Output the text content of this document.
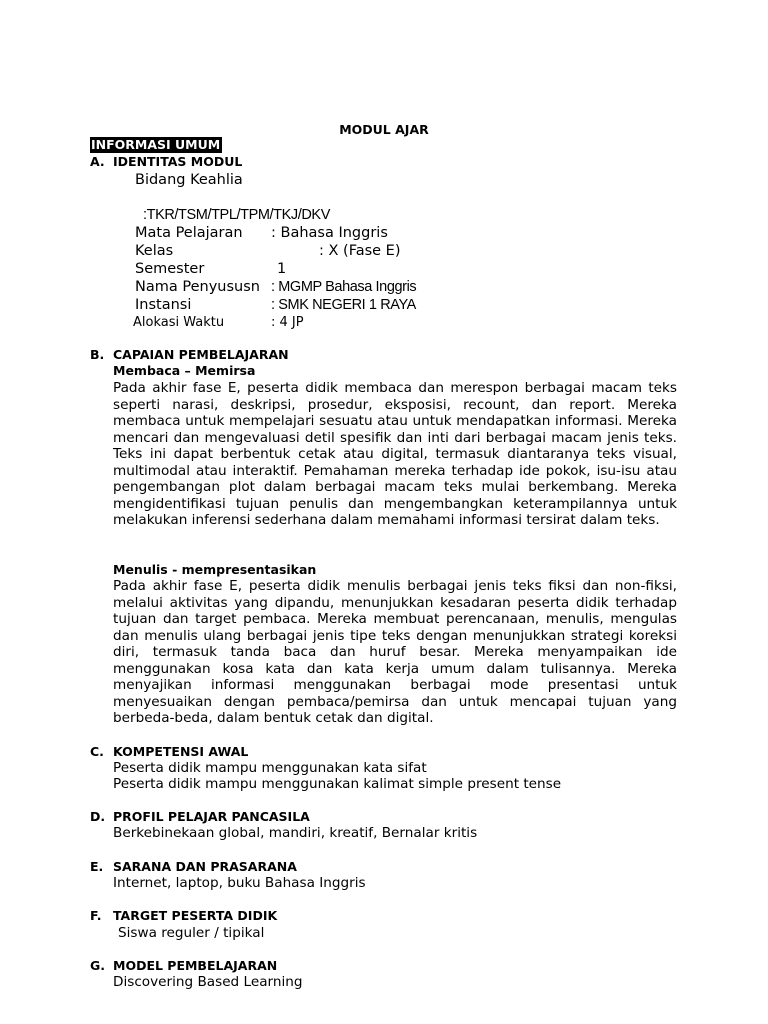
MODUL AJAR
INFORMASI UMUM
A. IDENTITAS MODUL
Bidang Keahlia
:TKR/TSM/TPL/TPM/TKJ/DKV
Mata Pelajaran : Bahasa Inggris
Kelas	: X (Fase E)
Semester	1
Nama Penyususn : MGMP Bahasa Inggris
Instansi	: SMK NEGERI 1 RAYA
Alokasi Waktu	: 4 JP
B. CAPAIAN PEMBELAJARAN
Membaca – Memirsa
Pada akhir fase E, peserta didik membaca dan merespon berbagai macam teks seperti narasi, deskripsi, prosedur, eksposisi, recount, dan report. Mereka membaca untuk mempelajari sesuatu atau untuk mendapatkan informasi. Mereka mencari dan mengevaluasi detil spesifik dan inti dari berbagai macam jenis teks. Teks ini dapat berbentuk cetak atau digital, termasuk diantaranya teks visual, multimodal atau interaktif. Pemahaman mereka terhadap ide pokok, isu-isu atau pengembangan plot dalam berbagai macam teks mulai berkembang. Mereka mengidentifikasi tujuan penulis dan mengembangkan keterampilannya untuk melakukan inferensi sederhana dalam memahami informasi tersirat dalam teks.
Menulis - mempresentasikan
Pada akhir fase E, peserta didik menulis berbagai jenis teks fiksi dan non-fiksi, melalui aktivitas yang dipandu, menunjukkan kesadaran peserta didik terhadap tujuan dan target pembaca. Mereka membuat perencanaan, menulis, mengulas dan menulis ulang berbagai jenis tipe teks dengan menunjukkan strategi koreksi diri, termasuk tanda baca dan huruf besar. Mereka menyampaikan ide menggunakan kosa kata dan kata kerja umum dalam tulisannya. Mereka menyajikan informasi menggunakan berbagai mode presentasi untuk menyesuaikan dengan pembaca/pemirsa dan untuk mencapai tujuan yang berbeda-beda, dalam bentuk cetak dan digital.
C. KOMPETENSI AWAL
Peserta didik mampu menggunakan kata sifat
Peserta didik mampu menggunakan kalimat simple present tense
D. PROFIL PELAJAR PANCASILA
Berkebinekaan global, mandiri, kreatif, Bernalar kritis
E. SARANA DAN PRASARANA
Internet, laptop, buku Bahasa Inggris
F. TARGET PESERTA DIDIK
Siswa reguler / tipikal
G. MODEL PEMBELAJARAN
Discovering Based Learning
